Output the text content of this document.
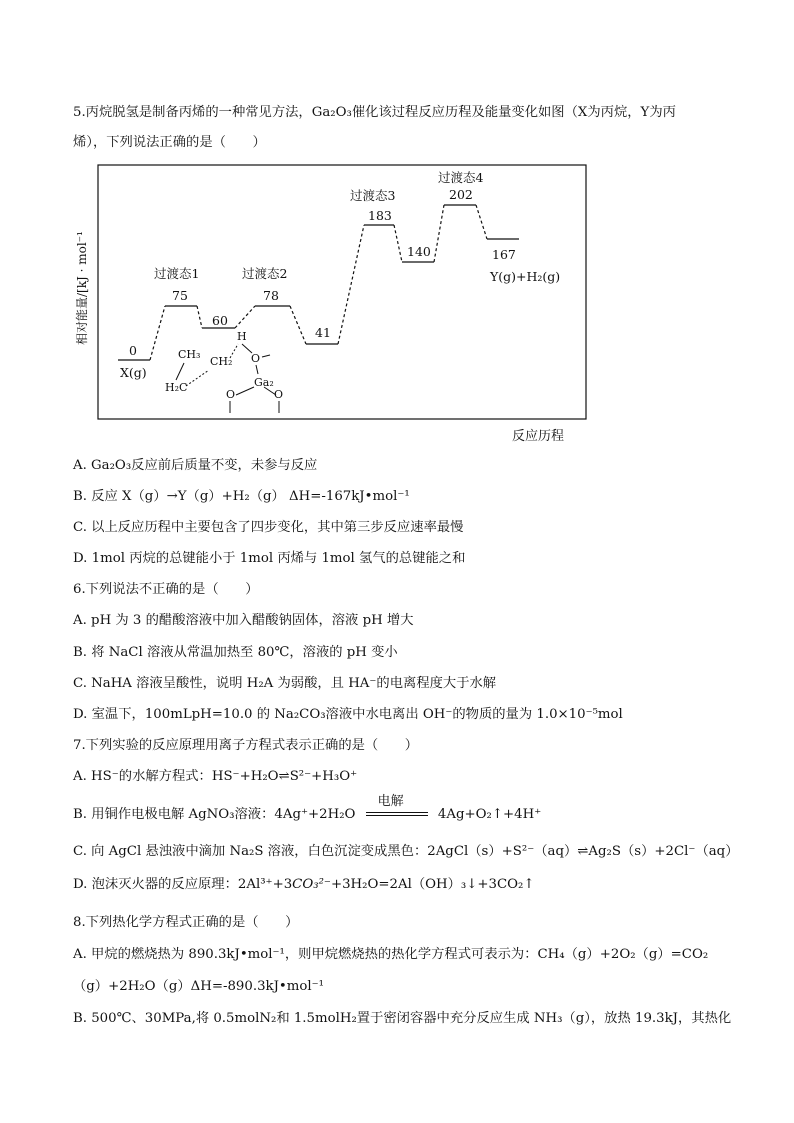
5.丙烷脱氢是制备丙烯的一种常见方法，Ga₂O₃催化该过程反应历程及能量变化如图（X为丙烷，Y为丙
烯），下列说法正确的是（　　）
相对能量/[kJ · mol⁻¹
反应历程
过渡态1	过渡态2
过渡态3
过渡态4
0
75
60
78
41
183
140
202
167
X(g)
Y(g)+H₂(g)
CH₃
H₂C
CH₂
H
O
Ga₂
O	O
A. Ga₂O₃反应前后质量不变，未参与反应
B. 反应 X（g）→Y（g）+H₂（g） ΔH=-167kJ•mol⁻¹
C. 以上反应历程中主要包含了四步变化，其中第三步反应速率最慢
D. 1mol 丙烷的总键能小于 1mol 丙烯与 1mol 氢气的总键能之和
6.下列说法不正确的是（　　）
A. pH 为 3 的醋酸溶液中加入醋酸钠固体，溶液 pH 增大
B. 将 NaCl 溶液从常温加热至 80℃，溶液的 pH 变小
C. NaHA 溶液呈酸性，说明 H₂A 为弱酸，且 HA⁻的电离程度大于水解
D. 室温下，100mLpH=10.0 的 Na₂CO₃溶液中水电离出 OH⁻的物质的量为 1.0×10⁻⁵mol
7.下列实验的反应原理用离子方程式表示正确的是（　　）
A. HS⁻的水解方程式：HS⁻+H₂O⇌S²⁻+H₃O⁺
B. 用铜作电极电解 AgNO₃溶液：4Ag⁺+2H₂O
电解
4Ag+O₂↑+4H⁺
C. 向 AgCl 悬浊液中滴加 Na₂S 溶液，白色沉淀变成黑色：2AgCl（s）+S²⁻（aq）⇌Ag₂S（s）+2Cl⁻（aq）
D. 泡沫灭火器的反应原理：2Al³⁺+3CO₃²⁻+3H₂O=2Al（OH）₃↓+3CO₂↑
8.下列热化学方程式正确的是（　　）
A. 甲烷的燃烧热为 890.3kJ•mol⁻¹，则甲烷燃烧热的热化学方程式可表示为：CH₄（g）+2O₂（g）=CO₂
（g）+2H₂O（g）ΔH=-890.3kJ•mol⁻¹
B. 500℃、30MPa,将 0.5molN₂和 1.5molH₂置于密闭容器中充分反应生成 NH₃（g），放热 19.3kJ，其热化
